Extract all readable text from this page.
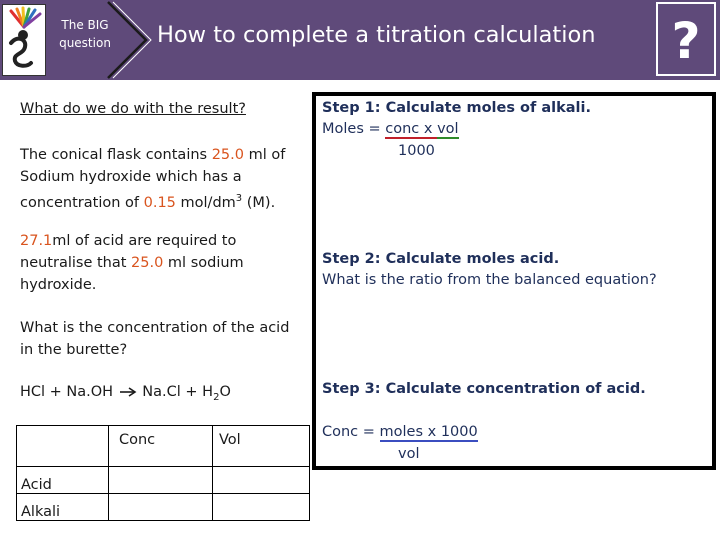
The BIG question	How to complete a titration calculation	?
What do we do with the result?
The conical flask contains 25.0 ml of Sodium hydroxide which has a concentration of 0.15 mol/$dm^3$ (M).
27.1ml of acid are required to neutralise that 25.0 ml sodium hydroxide.
What is the concentration of the acid in the burette?
HCl + Na.OH  $Na.Cl + H_2O$
	Conc	Vol
Acid		
Alkali		
Step 1: Calculate moles of alkali.
Moles = conc x vol
1000
Step 2: Calculate moles acid.
What is the ratio from the balanced equation?
Step 3: Calculate concentration of acid.
Conc = moles x 1000
vol
